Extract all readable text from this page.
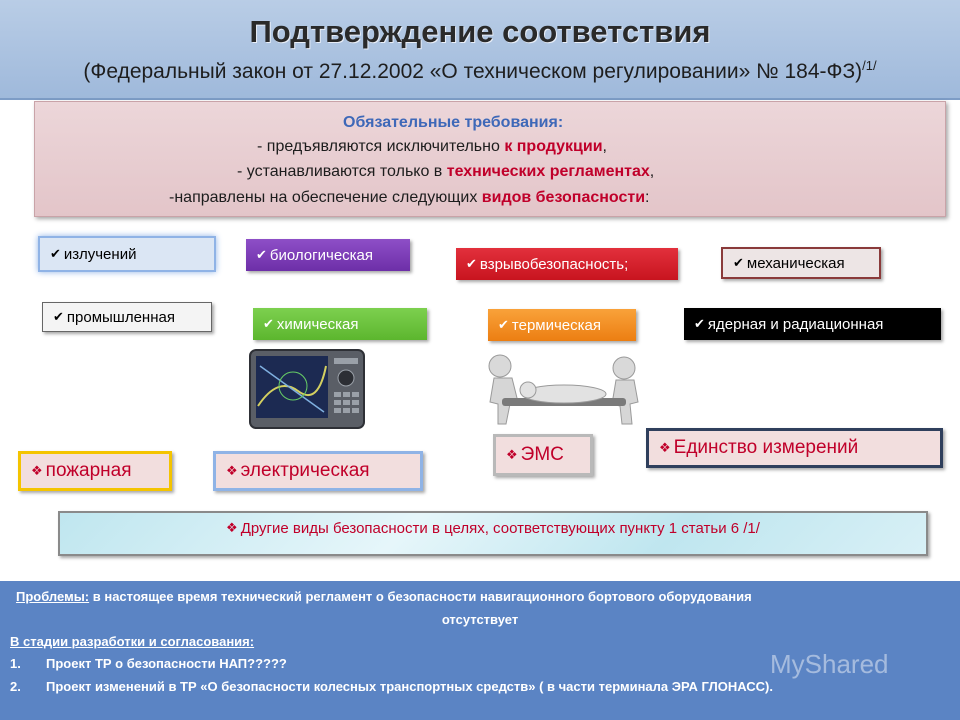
Подтверждение соответствия
(Федеральный закон от 27.12.2002 «О техническом регулировании» № 184-ФЗ)$^{/1/}$
Обязательные требования:
- предъявляются исключительно к продукции,
- устанавливаются только в технических регламентах,
-направлены на обеспечение следующих видов безопасности:
✔ излучений	✔ биологическая	✔ взрывобезопасность;	✔ механическая
✔ промышленная	✔ химическая	✔ термическая	✔ ядерная и радиационная
❖ пожарная	❖ электрическая
❖ ЭМС	❖ Единство измерений
❖ Другие виды безопасности в целях, соответствующих пункту 1 статьи 6 /1/
Проблемы: в настоящее время технический регламент о безопасности навигационного бортового оборудования
отсутствует
В стадии разработки и согласования:
1. Проект ТР о безопасности НАП?????
2. Проект изменений в ТР «О безопасности колесных транспортных средств» ( в части терминала ЭРА ГЛОНАСС).
MyShared
